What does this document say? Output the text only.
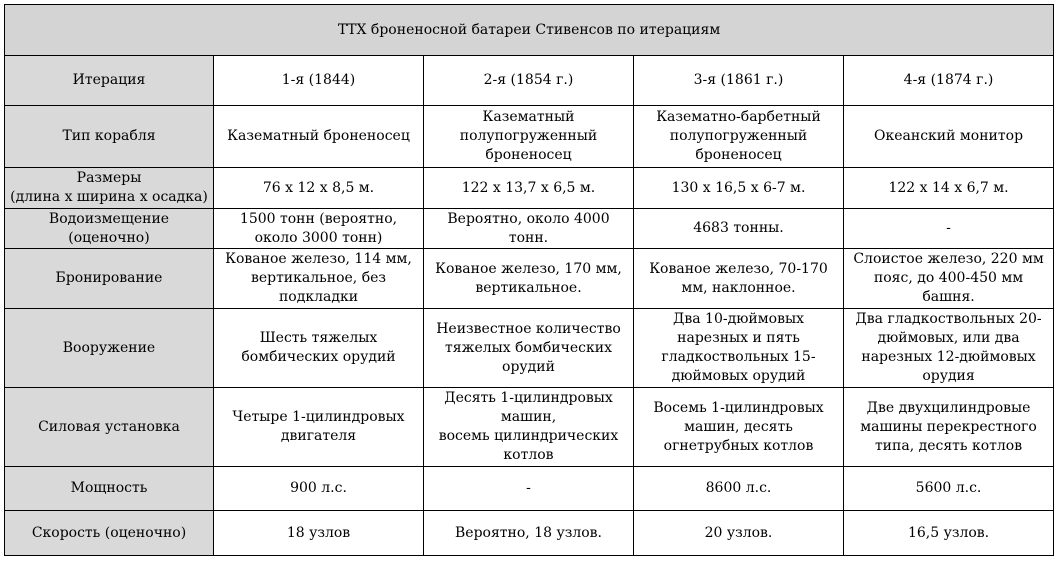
ТТХ броненосной батареи Стивенсов по итерациям				
Итерация	1-я (1844)	2-я (1854 г.)	3-я (1861 г.)	4-я (1874 г.)
Тип корабля	Казематный броненосец	Казематный
полупогруженный
броненосец	Казематно-барбетный
полупогруженный
броненосец	Океанский монитор
Размеры
(длина х ширина х осадка)	76 х 12 х 8,5 м.	122 х 13,7 х 6,5 м.	130 х 16,5 х 6-7 м.	122 х 14 х 6,7 м.
Водоизмещение
(оценочно)	1500 тонн (вероятно,
около 3000 тонн)	Вероятно, около 4000
тонн.	4683 тонны.	-
Бронирование	Кованое железо, 114 мм,
вертикальное, без
подкладки	Кованое железо, 170 мм,
вертикальное.	Кованое железо, 70-170
мм, наклонное.	Слоистое железо, 220 мм
пояс, до 400-450 мм
башня.
Вооружение	Шесть тяжелых
бомбических орудий	Неизвестное количество
тяжелых бомбических
орудий	Два 10-дюймовых
нарезных и пять
гладкоствольных 15-
дюймовых орудий	Два гладкоствольных 20-
дюймовых, или два
нарезных 12-дюймовых
орудия
Силовая установка	Четыре 1-цилиндровых
двигателя	Десять 1-цилиндровых
машин,
восемь цилиндрических
котлов	Восемь 1-цилиндровых
машин, десять
огнетрубных котлов	Две двухцилиндровые
машины перекрестного
типа, десять котлов
Мощность	900 л.с.	-	8600 л.с.	5600 л.с.
Скорость (оценочно)	18 узлов	Вероятно, 18 узлов.	20 узлов.	16,5 узлов.
